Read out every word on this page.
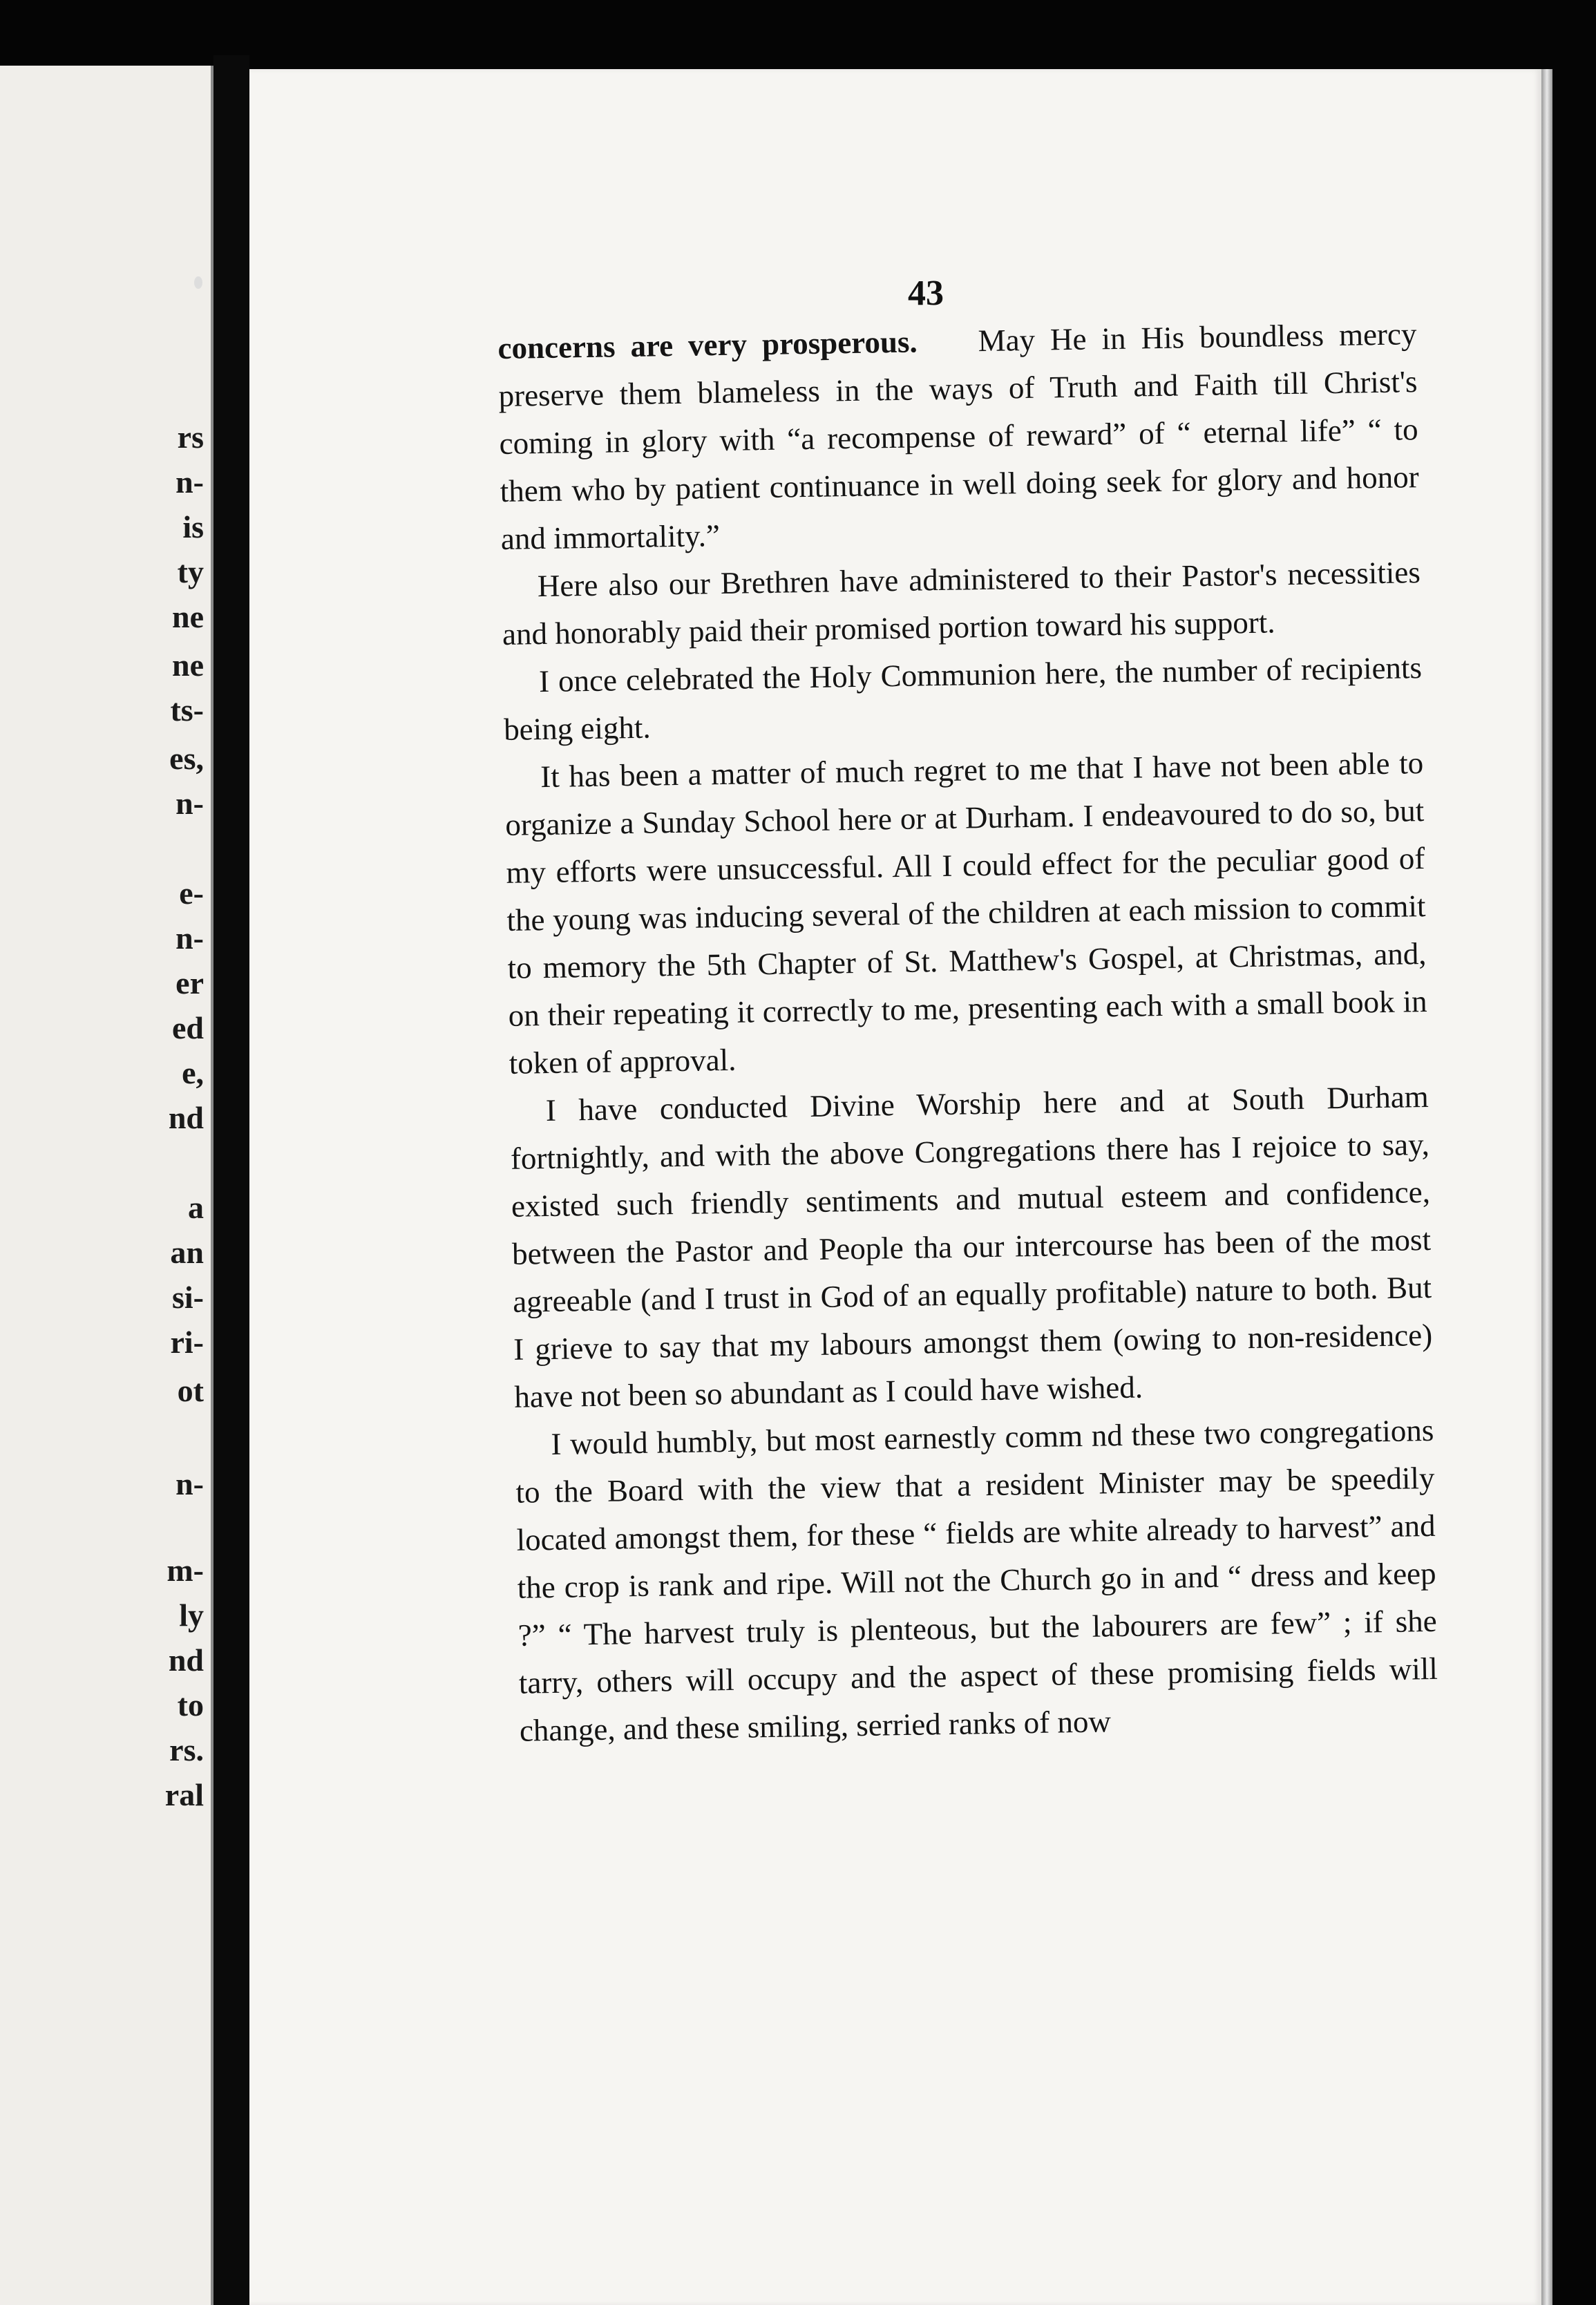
rs
n-
is
ty
ne
ne
ts-
es,
n-
e-
n-
er
ed
e,
nd
a
an
si-
ri-
ot
n-
m-
ly
nd
to
rs.
ral
43

concerns are very prosperous. May He in His boundless mercy preserve them blameless in the ways of Truth and Faith till Christ's coming in glory with “a recompense of reward” of “ eternal life” “ to them who by patient continuance in well doing seek for glory and honor and immortality.”

Here also our Brethren have administered to their Pastor's necessities and honorably paid their promised portion toward his support.

I once celebrated the Holy Communion here, the number of recipients being eight.

It has been a matter of much regret to me that I have not been able to organize a Sunday School here or at Durham. I endeavoured to do so, but my efforts were unsuccessful. All I could effect for the peculiar good of the young was inducing several of the children at each mission to commit to memory the 5th Chapter of St. Matthew's Gospel, at Christmas, and, on their repeating it correctly to me, presenting each with a small book in token of approval.

I have conducted Divine Worship here and at South Durham fortnightly, and with the above Congregations there has I rejoice to say, existed such friendly sentiments and mutual esteem and confidence, between the Pastor and People tha our intercourse has been of the most agreeable (and I trust in God of an equally profitable) nature to both. But I grieve to say that my labours amongst them (owing to non-residence) have not been so abundant as I could have wished.

I would humbly, but most earnestly comm nd these two congregations to the Board with the view that a resident Minister may be speedily located amongst them, for these “ fields are white already to harvest” and the crop is rank and ripe. Will not the Church go in and “ dress and keep ?” “ The harvest truly is plenteous, but the labourers are few” ; if she tarry, others will occupy and the aspect of these promising fields will change, and these smiling, serried ranks of now
